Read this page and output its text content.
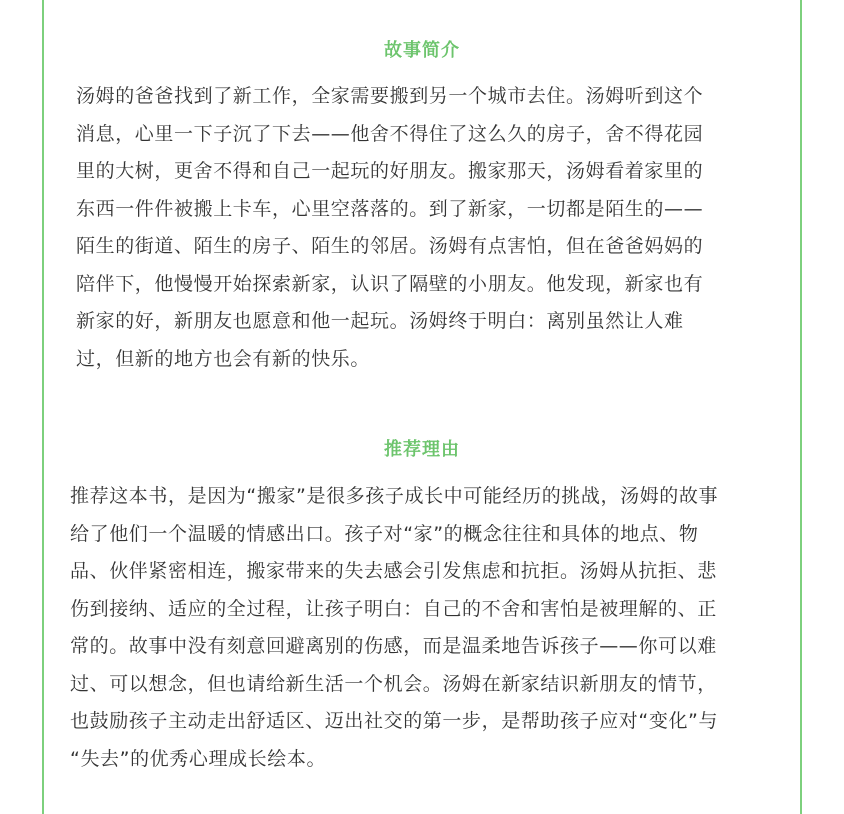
故事简介

汤姆的爸爸找到了新工作，全家需要搬到另一个城市去住。汤姆听到这个
消息，心里一下子沉了下去——他舍不得住了这么久的房子，舍不得花园
里的大树，更舍不得和自己一起玩的好朋友。搬家那天，汤姆看着家里的
东西一件件被搬上卡车，心里空落落的。到了新家，一切都是陌生的——
陌生的街道、陌生的房子、陌生的邻居。汤姆有点害怕，但在爸爸妈妈的
陪伴下，他慢慢开始探索新家，认识了隔壁的小朋友。他发现，新家也有
新家的好，新朋友也愿意和他一起玩。汤姆终于明白：离别虽然让人难
过，但新的地方也会有新的快乐。

推荐理由

推荐这本书，是因为“搬家”是很多孩子成长中可能经历的挑战，汤姆的故事
给了他们一个温暖的情感出口。孩子对“家”的概念往往和具体的地点、物
品、伙伴紧密相连，搬家带来的失去感会引发焦虑和抗拒。汤姆从抗拒、悲
伤到接纳、适应的全过程，让孩子明白：自己的不舍和害怕是被理解的、正
常的。故事中没有刻意回避离别的伤感，而是温柔地告诉孩子——你可以难
过、可以想念，但也请给新生活一个机会。汤姆在新家结识新朋友的情节，
也鼓励孩子主动走出舒适区、迈出社交的第一步，是帮助孩子应对“变化”与
“失去”的优秀心理成长绘本。
